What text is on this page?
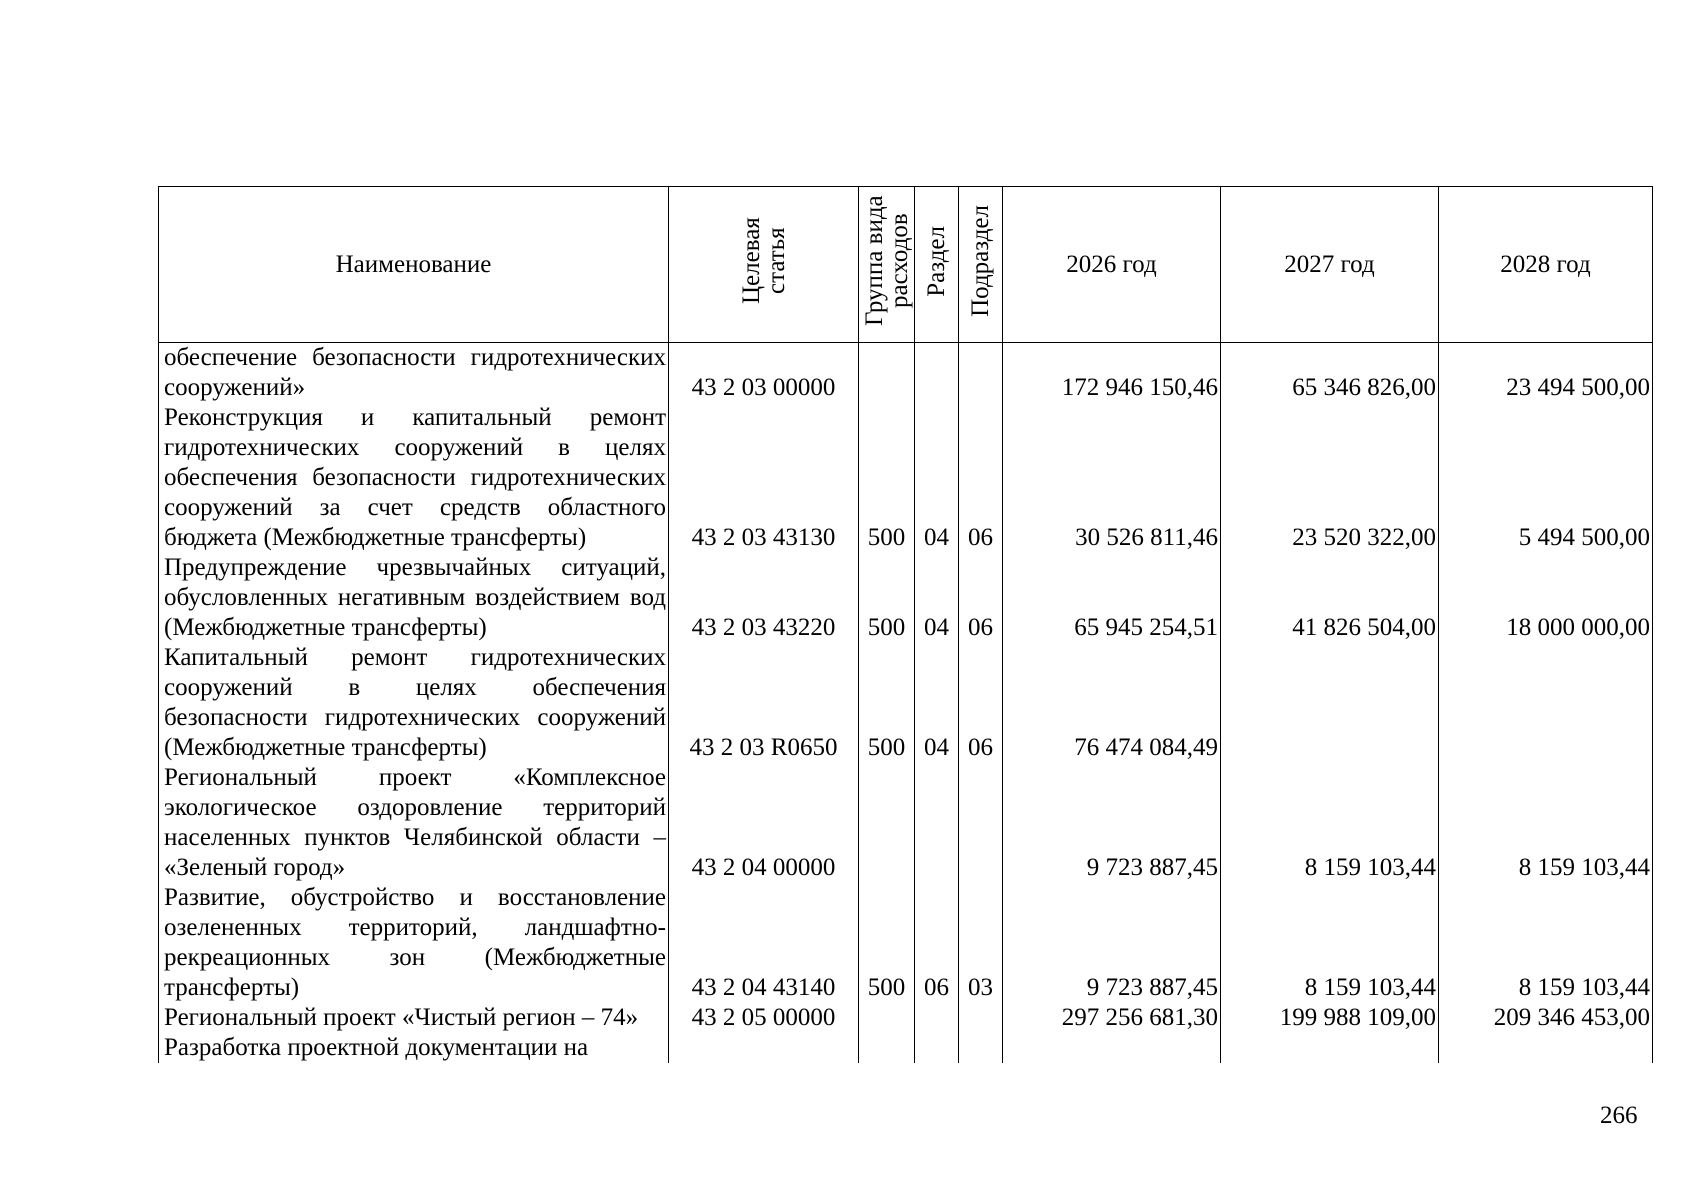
Наименование	Целевая статья	Группа вида расходов	Раздел	Подраздел	2026 год	2027 год	2028 год
обеспечение безопасности гидротехнических сооружений»	43 2 03 00000				172 946 150,46	65 346 826,00	23 494 500,00
Реконструкция и капитальный ремонт гидротехнических сооружений в целях обеспечения безопасности гидротехнических сооружений за счет средств областного бюджета (Межбюджетные трансферты)	43 2 03 43130	500	04	06	30 526 811,46	23 520 322,00	5 494 500,00
Предупреждение чрезвычайных ситуаций, обусловленных негативным воздействием вод (Межбюджетные трансферты)	43 2 03 43220	500	04	06	65 945 254,51	41 826 504,00	18 000 000,00
Капитальный ремонт гидротехнических сооружений в целях обеспечения безопасности гидротехнических сооружений (Межбюджетные трансферты)	43 2 03 R0650	500	04	06	76 474 084,49		
Региональный проект «Комплексное экологическое оздоровление территорий населенных пунктов Челябинской области – «Зеленый город»	43 2 04 00000				9 723 887,45	8 159 103,44	8 159 103,44
Развитие, обустройство и восстановление озелененных территорий, ландшафтно-рекреационных зон (Межбюджетные трансферты)	43 2 04 43140	500	06	03	9 723 887,45	8 159 103,44	8 159 103,44
Региональный проект «Чистый регион – 74»	43 2 05 00000				297 256 681,30	199 988 109,00	209 346 453,00
Разработка проектной документации на							
266
